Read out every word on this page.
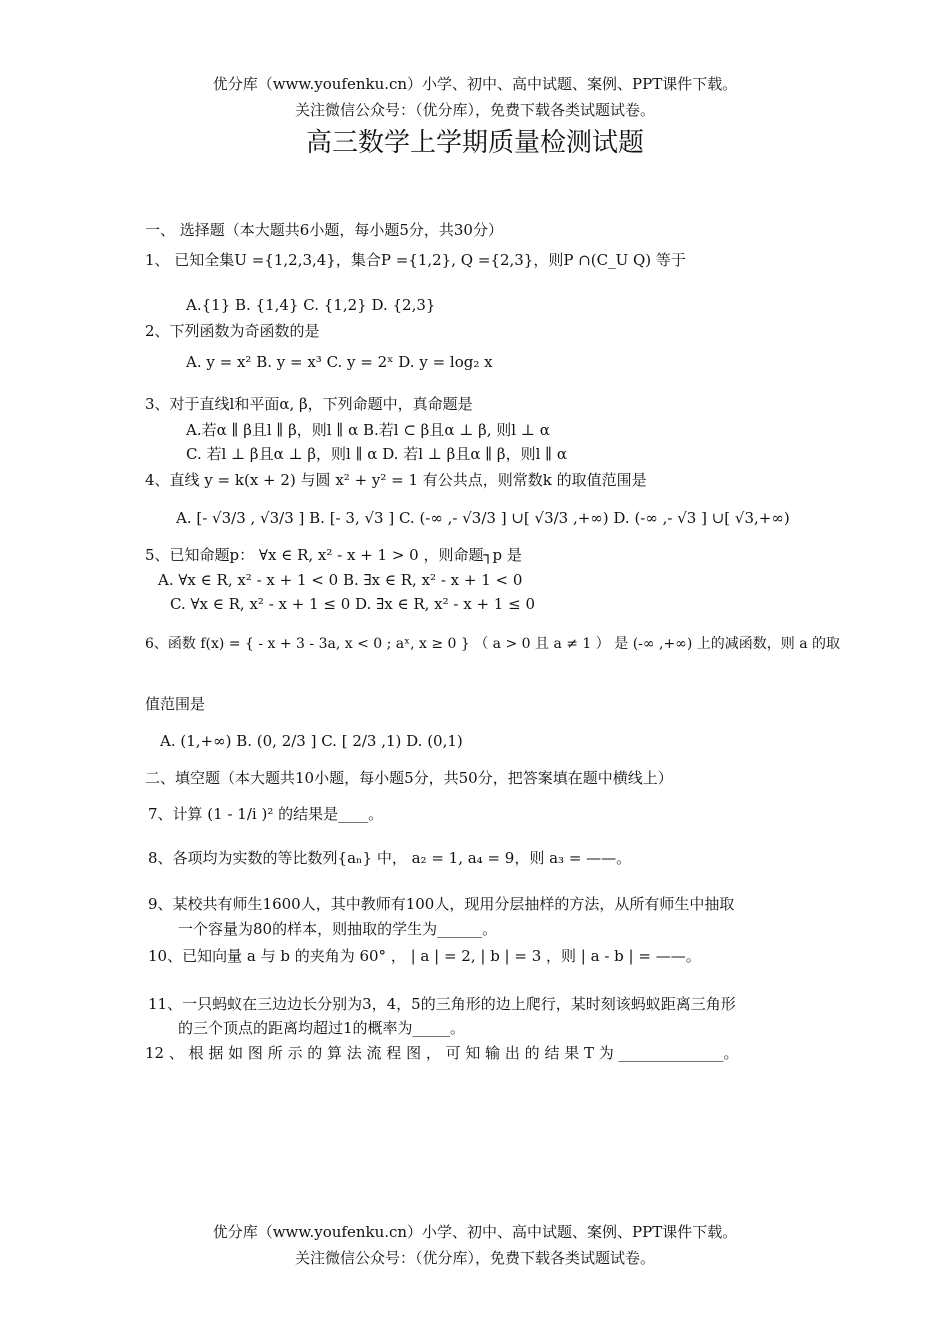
优分库（www.youfenku.cn）小学、初中、高中试题、案例、PPT课件下载。
关注微信公众号：（优分库），免费下载各类试题试卷。
高三数学上学期质量检测试题
一、 选择题（本大题共6小题，每小题5分，共30分）
1、 已知全集U ={1,2,3,4}，集合P ={1,2}, Q ={2,3}，则P ∩(C_U Q) 等于
A.{1} B. {1,4} C. {1,2} D. {2,3}
2、下列函数为奇函数的是
A. y = x² B. y = x³ C. y = 2ˣ D. y = log₂ x
3、对于直线l和平面α, β，下列命题中，真命题是
A.若α ∥ β且l ∥ β，则l ∥ α B.若l ⊂ β且α ⊥ β, 则l ⊥ α
C. 若l ⊥ β且α ⊥ β，则l ∥ α D. 若l ⊥ β且α ∥ β，则l ∥ α
4、直线 y = k(x + 2) 与圆 x² + y² = 1 有公共点，则常数k 的取值范围是
A. [- √3/3 , √3/3 ] B. [- 3, √3 ] C. (-∞ ,- √3/3 ] ∪[ √3/3 ,+∞) D. (-∞ ,- √3 ] ∪[ √3,+∞)
5、已知命题p： ∀x ∈ R, x² - x + 1 > 0 ，则命题┐p 是
A. ∀x ∈ R, x² - x + 1 < 0 B. ∃x ∈ R, x² - x + 1 < 0
C. ∀x ∈ R, x² - x + 1 ≤ 0 D. ∃x ∈ R, x² - x + 1 ≤ 0
6、函数 f(x) = { - x + 3 - 3a, x < 0 ; aˣ, x ≥ 0 } （ a > 0 且 a ≠ 1 ） 是 (-∞ ,+∞) 上的减函数，则 a 的取
值范围是
A. (1,+∞) B. (0, 2/3 ] C. [ 2/3 ,1) D. (0,1)
二、填空题（本大题共10小题，每小题5分，共50分，把答案填在题中横线上）
7、计算 (1 - 1/i )² 的结果是____。
8、各项均为实数的等比数列{aₙ} 中， a₂ = 1, a₄ = 9，则 a₃ = ——。
9、某校共有师生1600人，其中教师有100人，现用分层抽样的方法，从所有师生中抽取
一个容量为80的样本，则抽取的学生为______。
10、已知向量 a 与 b 的夹角为 60° ， | a | = 2, | b | = 3 ，则 | a - b | = ——。
11、一只蚂蚁在三边边长分别为3，4，5的三角形的边上爬行，某时刻该蚂蚁距离三角形
的三个顶点的距离均超过1的概率为_____。
12 、 根 据 如 图 所 示 的 算 法 流 程 图 ， 可 知 输 出 的 结 果 T 为 ______________。
优分库（www.youfenku.cn）小学、初中、高中试题、案例、PPT课件下载。
关注微信公众号：（优分库），免费下载各类试题试卷。
